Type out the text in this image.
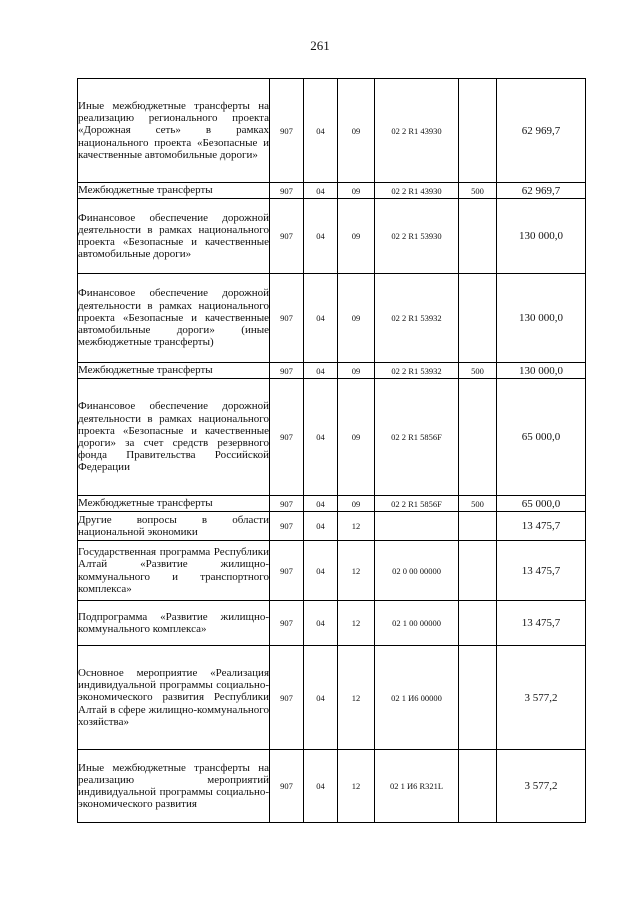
261
Иные межбюджетные трансферты на реализацию регионального проекта «Дорожная сеть» в рамках национального проекта «Безопасные и качественные автомобильные дороги»	907	04	09	02 2 R1 43930		62 969,7
Межбюджетные трансферты	907	04	09	02 2 R1 43930	500	62 969,7
Финансовое обеспечение дорожной деятельности в рамках национального проекта «Безопасные и качественные автомобильные дороги»	907	04	09	02 2 R1 53930		130 000,0
Финансовое обеспечение дорожной деятельности в рамках национального проекта «Безопасные и качественные автомобильные дороги» (иные межбюджетные трансферты)	907	04	09	02 2 R1 53932		130 000,0
Межбюджетные трансферты	907	04	09	02 2 R1 53932	500	130 000,0
Финансовое обеспечение дорожной деятельности в рамках национального проекта «Безопасные и качественные дороги» за счет средств резервного фонда Правительства Российской Федерации	907	04	09	02 2 R1 5856F		65 000,0
Межбюджетные трансферты	907	04	09	02 2 R1 5856F	500	65 000,0
Другие вопросы в области национальной экономики	907	04	12			13 475,7
Государственная программа Республики Алтай «Развитие жилищно-коммунального и транспортного комплекса»	907	04	12	02 0 00 00000		13 475,7
Подпрограмма «Развитие жилищно-коммунального комплекса»	907	04	12	02 1 00 00000		13 475,7
Основное мероприятие «Реализация индивидуальной программы социально-экономического развития Республики Алтай в сфере жилищно-коммунального хозяйства»	907	04	12	02 1 И6 00000		3 577,2
Иные межбюджетные трансферты на реализацию мероприятий индивидуальной программы социально-экономического развития	907	04	12	02 1 И6 R321L		3 577,2
